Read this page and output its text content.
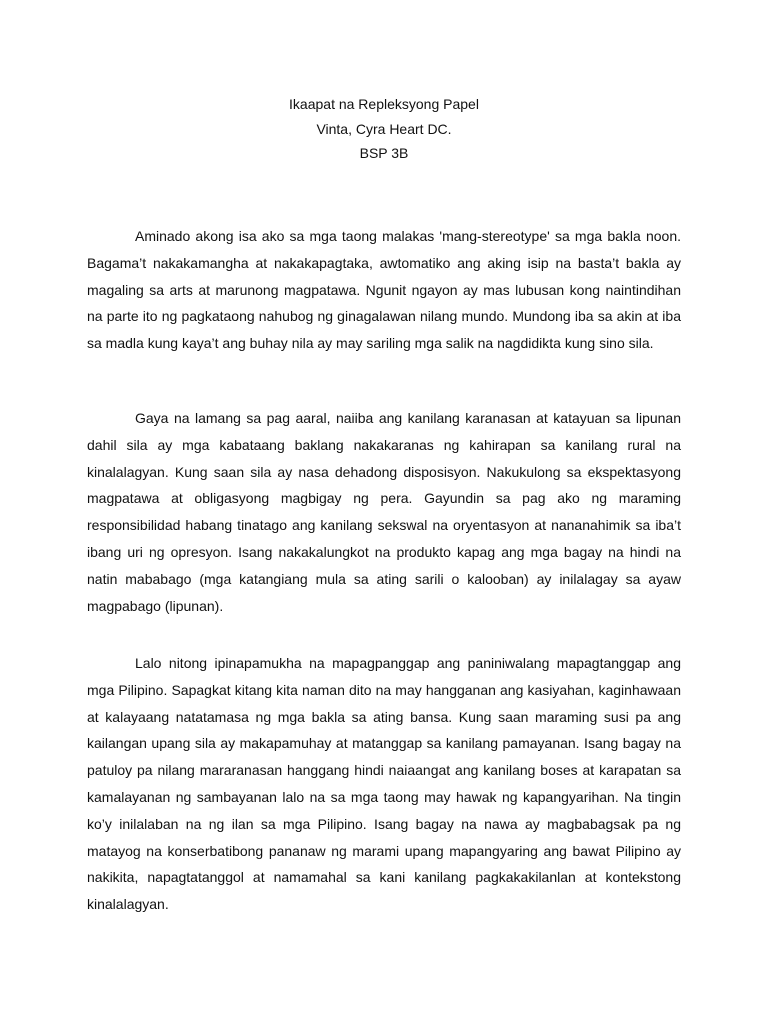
Ikaapat na Repleksyong Papel
Vinta, Cyra Heart DC.
BSP 3B

Aminado akong isa ako sa mga taong malakas 'mang-stereotype' sa mga bakla noon. Bagama’t nakakamangha at nakakapagtaka, awtomatiko ang aking isip na basta’t bakla ay magaling sa arts at marunong magpatawa. Ngunit ngayon ay mas lubusan kong naintindihan na parte ito ng pagkataong nahubog ng ginagalawan nilang mundo. Mundong iba sa akin at iba sa madla kung kaya’t ang buhay nila ay may sariling mga salik na nagdidikta kung sino sila.

Gaya na lamang sa pag aaral, naiiba ang kanilang karanasan at katayuan sa lipunan dahil sila ay mga kabataang baklang nakakaranas ng kahirapan sa kanilang rural na kinalalagyan. Kung saan sila ay nasa dehadong disposisyon. Nakukulong sa ekspektasyong magpatawa at obligasyong magbigay ng pera. Gayundin sa pag ako ng maraming responsibilidad habang tinatago ang kanilang sekswal na oryentasyon at nananahimik sa iba’t ibang uri ng opresyon. Isang nakakalungkot na produkto kapag ang mga bagay na hindi na natin mababago (mga katangiang mula sa ating sarili o kalooban) ay inilalagay sa ayaw magpabago (lipunan).

Lalo nitong ipinapamukha na mapagpanggap ang paniniwalang mapagtanggap ang mga Pilipino. Sapagkat kitang kita naman dito na may hangganan ang kasiyahan, kaginhawaan at kalayaang natatamasa ng mga bakla sa ating bansa. Kung saan maraming susi pa ang kailangan upang sila ay makapamuhay at matanggap sa kanilang pamayanan. Isang bagay na patuloy pa nilang mararanasan hanggang hindi naiaangat ang kanilang boses at karapatan sa kamalayanan ng sambayanan lalo na sa mga taong may hawak ng kapangyarihan. Na tingin ko’y inilalaban na ng ilan sa mga Pilipino. Isang bagay na nawa ay magbabagsak pa ng matayog na konserbatibong pananaw ng marami upang mapangyaring ang bawat Pilipino ay nakikita, napagtatanggol at namamahal sa kani kanilang pagkakakilanlan at kontekstong kinalalagyan.
